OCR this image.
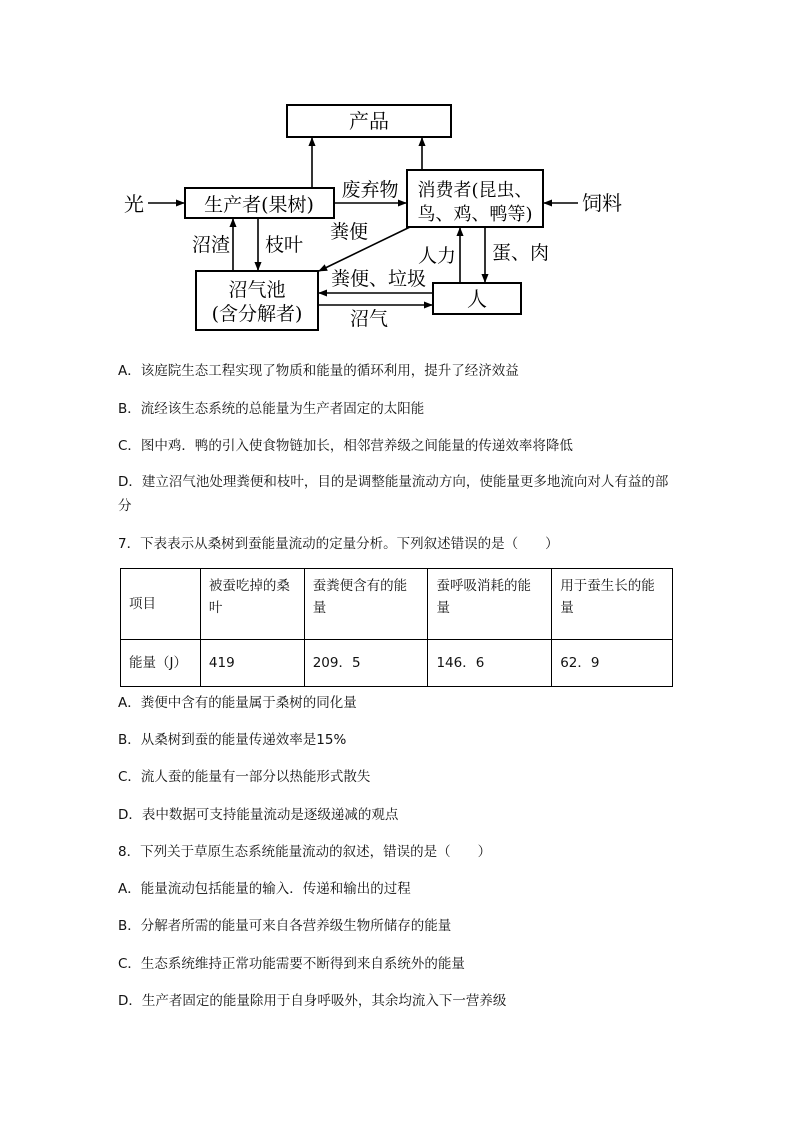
产品
光	生产者(果树)
废弃物 消费者(昆虫、
鸟、鸡、鸭等) 饲料
粪便
沼渣 枝叶	人力 蛋、肉
沼气池
(含分解者)
粪便、垃圾
人
沼气
A．该庭院生态工程实现了物质和能量的循环利用，提升了经济效益
B．流经该生态系统的总能量为生产者固定的太阳能
C．图中鸡．鸭的引入使食物链加长，相邻营养级之间能量的传递效率将降低
D．建立沼气池处理粪便和枝叶，目的是调整能量流动方向，使能量更多地流向对人有益的部分
7．下表表示从桑树到蚕能量流动的定量分析。下列叙述错误的是（　　）
项目	被蚕吃掉的桑叶	蚕粪便含有的能量	蚕呼吸消耗的能量	用于蚕生长的能量
能量（J）	419	209．5	146．6	62．9
A．粪便中含有的能量属于桑树的同化量
B．从桑树到蚕的能量传递效率是15%
C．流人蚕的能量有一部分以热能形式散失
D．表中数据可支持能量流动是逐级递减的观点
8．下列关于草原生态系统能量流动的叙述，错误的是（　　）
A．能量流动包括能量的输入．传递和输出的过程
B．分解者所需的能量可来自各营养级生物所储存的能量
C．生态系统维持正常功能需要不断得到来自系统外的能量
D．生产者固定的能量除用于自身呼吸外，其余均流入下一营养级
